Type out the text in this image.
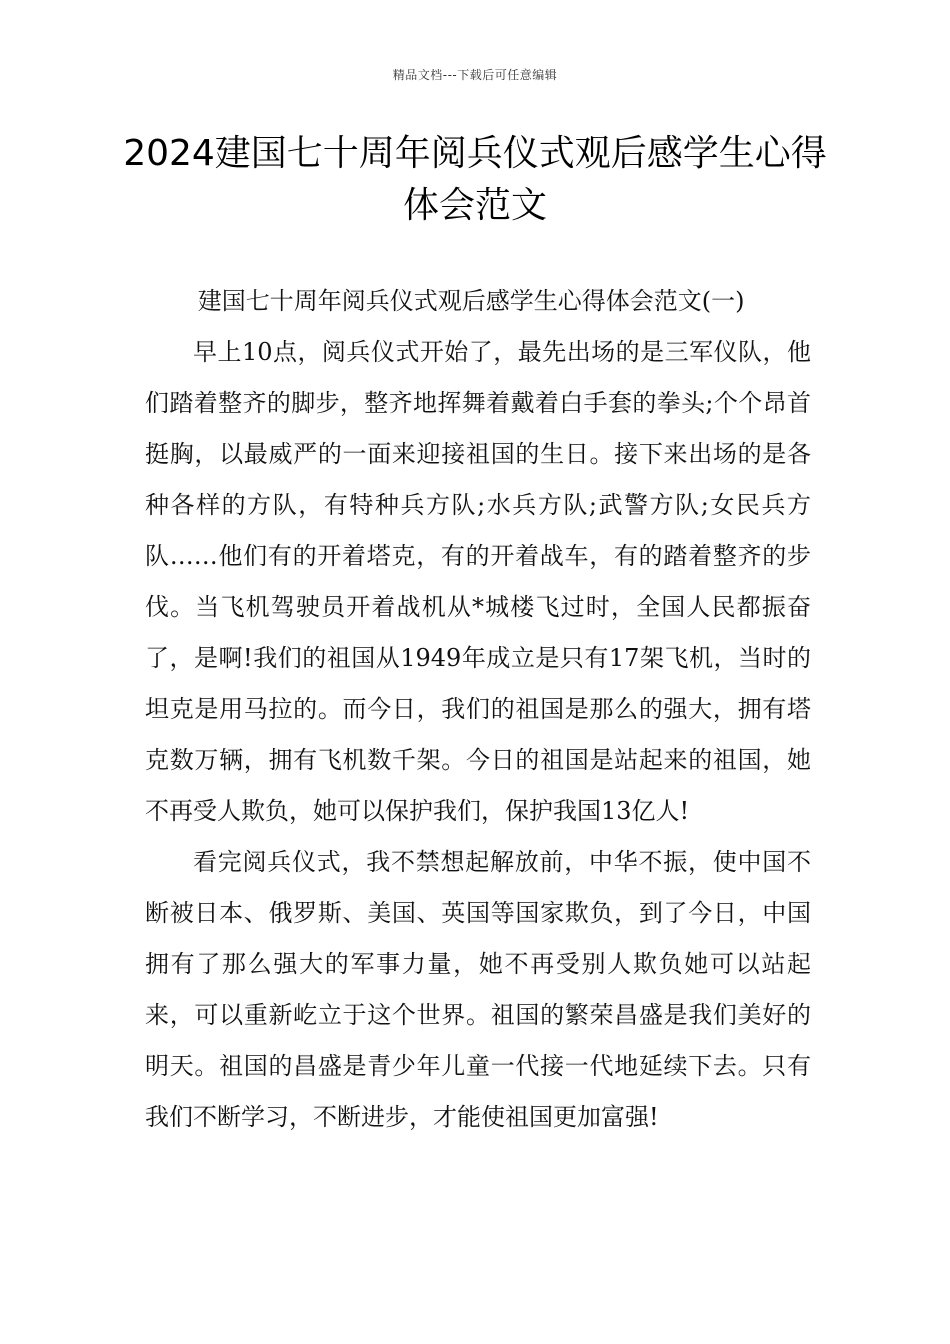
精品文档---下载后可任意编辑
2024建国七十周年阅兵仪式观后感学生心得体会范文

建国七十周年阅兵仪式观后感学生心得体会范文(一)

早上10点，阅兵仪式开始了，最先出场的是三军仪队，他们踏着整齐的脚步，整齐地挥舞着戴着白手套的拳头;个个昂首挺胸，以最威严的一面来迎接祖国的生日。接下来出场的是各种各样的方队，有特种兵方队;水兵方队;武警方队;女民兵方队……他们有的开着塔克，有的开着战车，有的踏着整齐的步伐。当飞机驾驶员开着战机从*城楼飞过时，全国人民都振奋了，是啊!我们的祖国从1949年成立是只有17架飞机，当时的坦克是用马拉的。而今日，我们的祖国是那么的强大，拥有塔克数万辆，拥有飞机数千架。今日的祖国是站起来的祖国，她不再受人欺负，她可以保护我们，保护我国13亿人!

看完阅兵仪式，我不禁想起解放前，中华不振，使中国不断被日本、俄罗斯、美国、英国等国家欺负，到了今日，中国拥有了那么强大的军事力量，她不再受别人欺负她可以站起来，可以重新屹立于这个世界。祖国的繁荣昌盛是我们美好的明天。祖国的昌盛是青少年儿童一代接一代地延续下去。只有我们不断学习，不断进步，才能使祖国更加富强!
